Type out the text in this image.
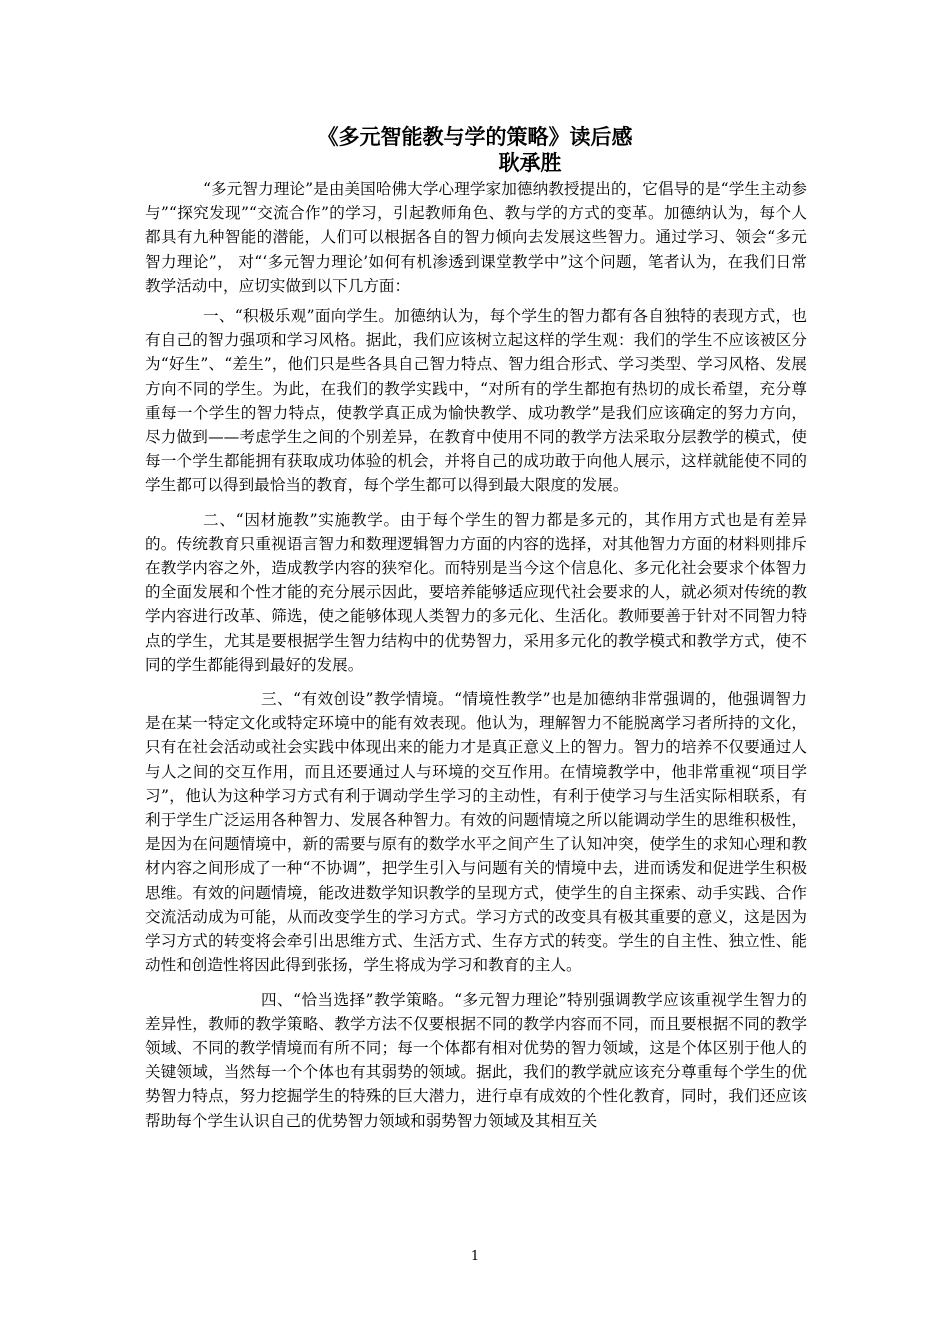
《多元智能教与学的策略》读后感
耿承胜

“多元智力理论”是由美国哈佛大学心理学家加德纳教授提出的，它倡导的是“学生主动参与”“探究发现”“交流合作”的学习，引起教师角色、教与学的方式的变革。加德纳认为，每个人都具有九种智能的潜能，人们可以根据各自的智力倾向去发展这些智力。通过学习、领会“多元智力理论”， 对“‘多元智力理论’如何有机渗透到课堂教学中”这个问题，笔者认为，在我们日常教学活动中，应切实做到以下几方面：

一、“积极乐观”面向学生。加德纳认为，每个学生的智力都有各自独特的表现方式，也有自己的智力强项和学习风格。据此，我们应该树立起这样的学生观：我们的学生不应该被区分为“好生”、“差生”，他们只是些各具自己智力特点、智力组合形式、学习类型、学习风格、发展方向不同的学生。为此，在我们的教学实践中，“对所有的学生都抱有热切的成长希望，充分尊重每一个学生的智力特点，使教学真正成为愉快教学、成功教学”是我们应该确定的努力方向，尽力做到——考虑学生之间的个别差异，在教育中使用不同的教学方法采取分层教学的模式，使每一个学生都能拥有获取成功体验的机会，并将自己的成功敢于向他人展示，这样就能使不同的学生都可以得到最恰当的教育，每个学生都可以得到最大限度的发展。

二、“因材施教”实施教学。由于每个学生的智力都是多元的，其作用方式也是有差异的。传统教育只重视语言智力和数理逻辑智力方面的内容的选择，对其他智力方面的材料则排斥在教学内容之外，造成教学内容的狭窄化。而特别是当今这个信息化、多元化社会要求个体智力的全面发展和个性才能的充分展示因此，要培养能够适应现代社会要求的人，就必须对传统的教学内容进行改革、筛选，使之能够体现人类智力的多元化、生活化。教师要善于针对不同智力特点的学生，尤其是要根据学生智力结构中的优势智力，采用多元化的教学模式和教学方式，使不同的学生都能得到最好的发展。

三、“有效创设”教学情境。“情境性教学”也是加德纳非常强调的，他强调智力是在某一特定文化或特定环境中的能有效表现。他认为，理解智力不能脱离学习者所持的文化，只有在社会活动或社会实践中体现出来的能力才是真正意义上的智力。智力的培养不仅要通过人与人之间的交互作用，而且还要通过人与环境的交互作用。在情境教学中，他非常重视“项目学习”，他认为这种学习方式有利于调动学生学习的主动性，有利于使学习与生活实际相联系，有利于学生广泛运用各种智力、发展各种智力。有效的问题情境之所以能调动学生的思维积极性，是因为在问题情境中，新的需要与原有的数学水平之间产生了认知冲突，使学生的求知心理和教材内容之间形成了一种“不协调”，把学生引入与问题有关的情境中去，进而诱发和促进学生积极思维。有效的问题情境，能改进数学知识教学的呈现方式，使学生的自主探索、动手实践、合作交流活动成为可能，从而改变学生的学习方式。学习方式的改变具有极其重要的意义，这是因为学习方式的转变将会牵引出思维方式、生活方式、生存方式的转变。学生的自主性、独立性、能动性和创造性将因此得到张扬，学生将成为学习和教育的主人。

四、“恰当选择”教学策略。“多元智力理论”特别强调教学应该重视学生智力的差异性，教师的教学策略、教学方法不仅要根据不同的教学内容而不同，而且要根据不同的教学领域、不同的教学情境而有所不同；每一个体都有相对优势的智力领域，这是个体区别于他人的关键领域，当然每一个个体也有其弱势的领域。据此，我们的教学就应该充分尊重每个学生的优势智力特点，努力挖掘学生的特殊的巨大潜力，进行卓有成效的个性化教育，同时，我们还应该帮助每个学生认识自己的优势智力领域和弱势智力领域及其相互关

1
